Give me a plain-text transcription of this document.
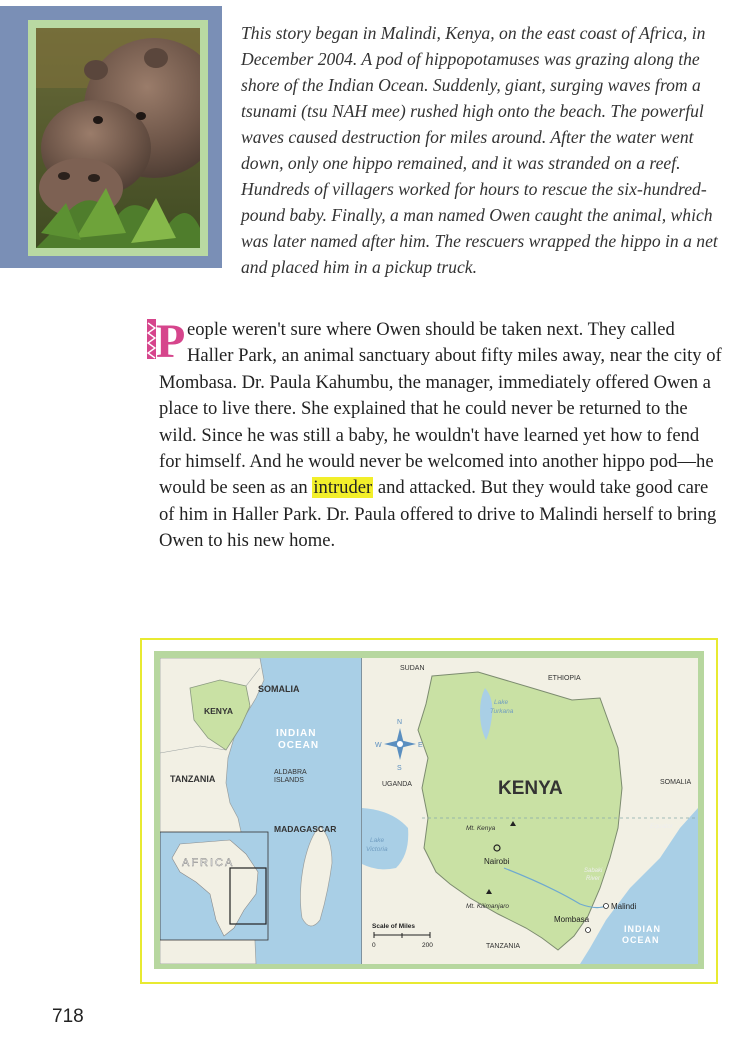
This story began in Malindi, Kenya, on the east coast of Africa, in December 2004. A pod of hippopotamuses was grazing along the shore of the Indian Ocean. Suddenly, giant, surging waves from a tsunami (tsu NAH mee) rushed high onto the beach. The powerful waves caused destruction for miles around. After the water went down, only one hippo remained, and it was stranded on a reef. Hundreds of villagers worked for hours to rescue the six-hundred-pound baby. Finally, a man named Owen caught the animal, which was later named after him. The rescuers wrapped the hippo in a net and placed him in a pickup truck.

P eople weren't sure where Owen should be taken next. They called Haller Park, an animal sanctuary about fifty miles away, near the city of Mombasa. Dr. Paula Kahumbu, the manager, immediately offered Owen a place to live there. She explained that he could never be returned to the wild. Since he was still a baby, he wouldn't have learned yet how to fend for himself. And he would never be welcomed into another hippo pod—he would be seen as an intruder and attacked. But they would take good care of him in Haller Park. Dr. Paula offered to drive to Malindi herself to bring Owen to his new home.

SOMALIA
KENYA
INDIAN
OCEAN
TANZANIA
ALDABRA
ISLANDS
MADAGASCAR
AFRICA
SUDAN
ETHIOPIA
Lake
Turkana
UGANDA	KENYA	SOMALIA
Equator
Mt. Kenya
Lake
Victoria
Nairobi
Sabaki
River
Malindi
Mt. Kilimanjaro
Mombasa
INDIAN
OCEAN
TANZANIA
Scale of Miles
0	200
N
S
E
W
718
